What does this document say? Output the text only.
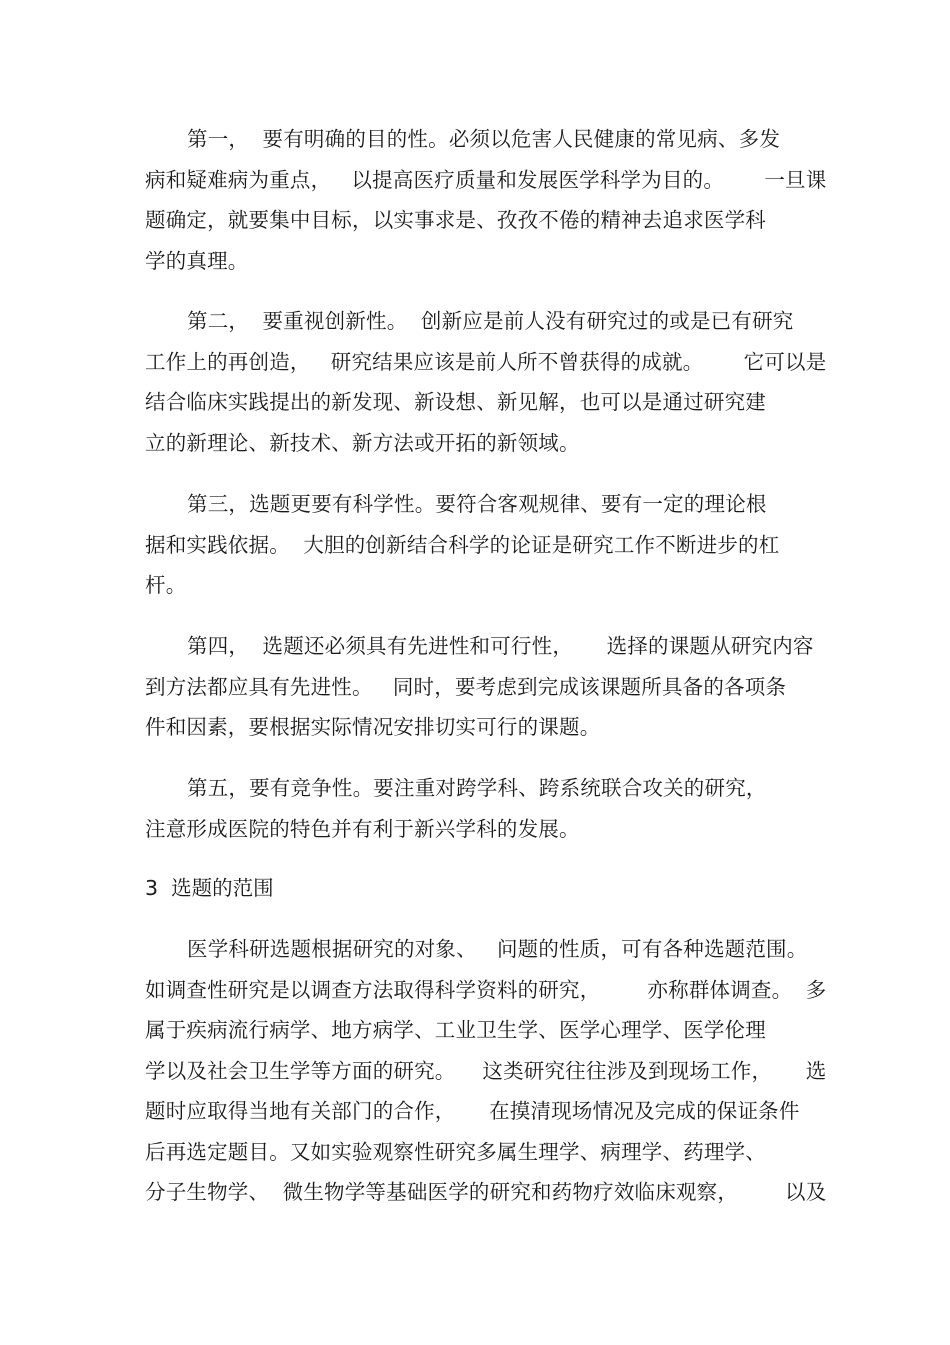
第一，  要有明确的目的性。必须以危害人民健康的常见病、多发
病和疑难病为重点，   以提高医疗质量和发展医学科学为目的。      一旦课
题确定，就要集中目标，以实事求是、孜孜不倦的精神去追求医学科
学的真理。
第二，  要重视创新性。  创新应是前人没有研究过的或是已有研究
工作上的再创造，   研究结果应该是前人所不曾获得的成就。      它可以是
结合临床实践提出的新发现、新设想、新见解，也可以是通过研究建
立的新理论、新技术、新方法或开拓的新领域。
第三，选题更要有科学性。要符合客观规律、要有一定的理论根
据和实践依据。  大胆的创新结合科学的论证是研究工作不断进步的杠
杆。
第四，  选题还必须具有先进性和可行性，     选择的课题从研究内容
到方法都应具有先进性。   同时，要考虑到完成该课题所具备的各项条
件和因素，要根据实际情况安排切实可行的课题。
第五，要有竞争性。要注重对跨学科、跨系统联合攻关的研究，
注意形成医院的特色并有利于新兴学科的发展。
3  选题的范围
医学科研选题根据研究的对象、   问题的性质，可有各种选题范围。
如调查性研究是以调查方法取得科学资料的研究，       亦称群体调查。  多
属于疾病流行病学、地方病学、工业卫生学、医学心理学、医学伦理
学以及社会卫生学等方面的研究。    这类研究往往涉及到现场工作，     选
题时应取得当地有关部门的合作，     在摸清现场情况及完成的保证条件
后再选定题目。又如实验观察性研究多属生理学、病理学、药理学、
分子生物学、  微生物学等基础医学的研究和药物疗效临床观察，       以及
